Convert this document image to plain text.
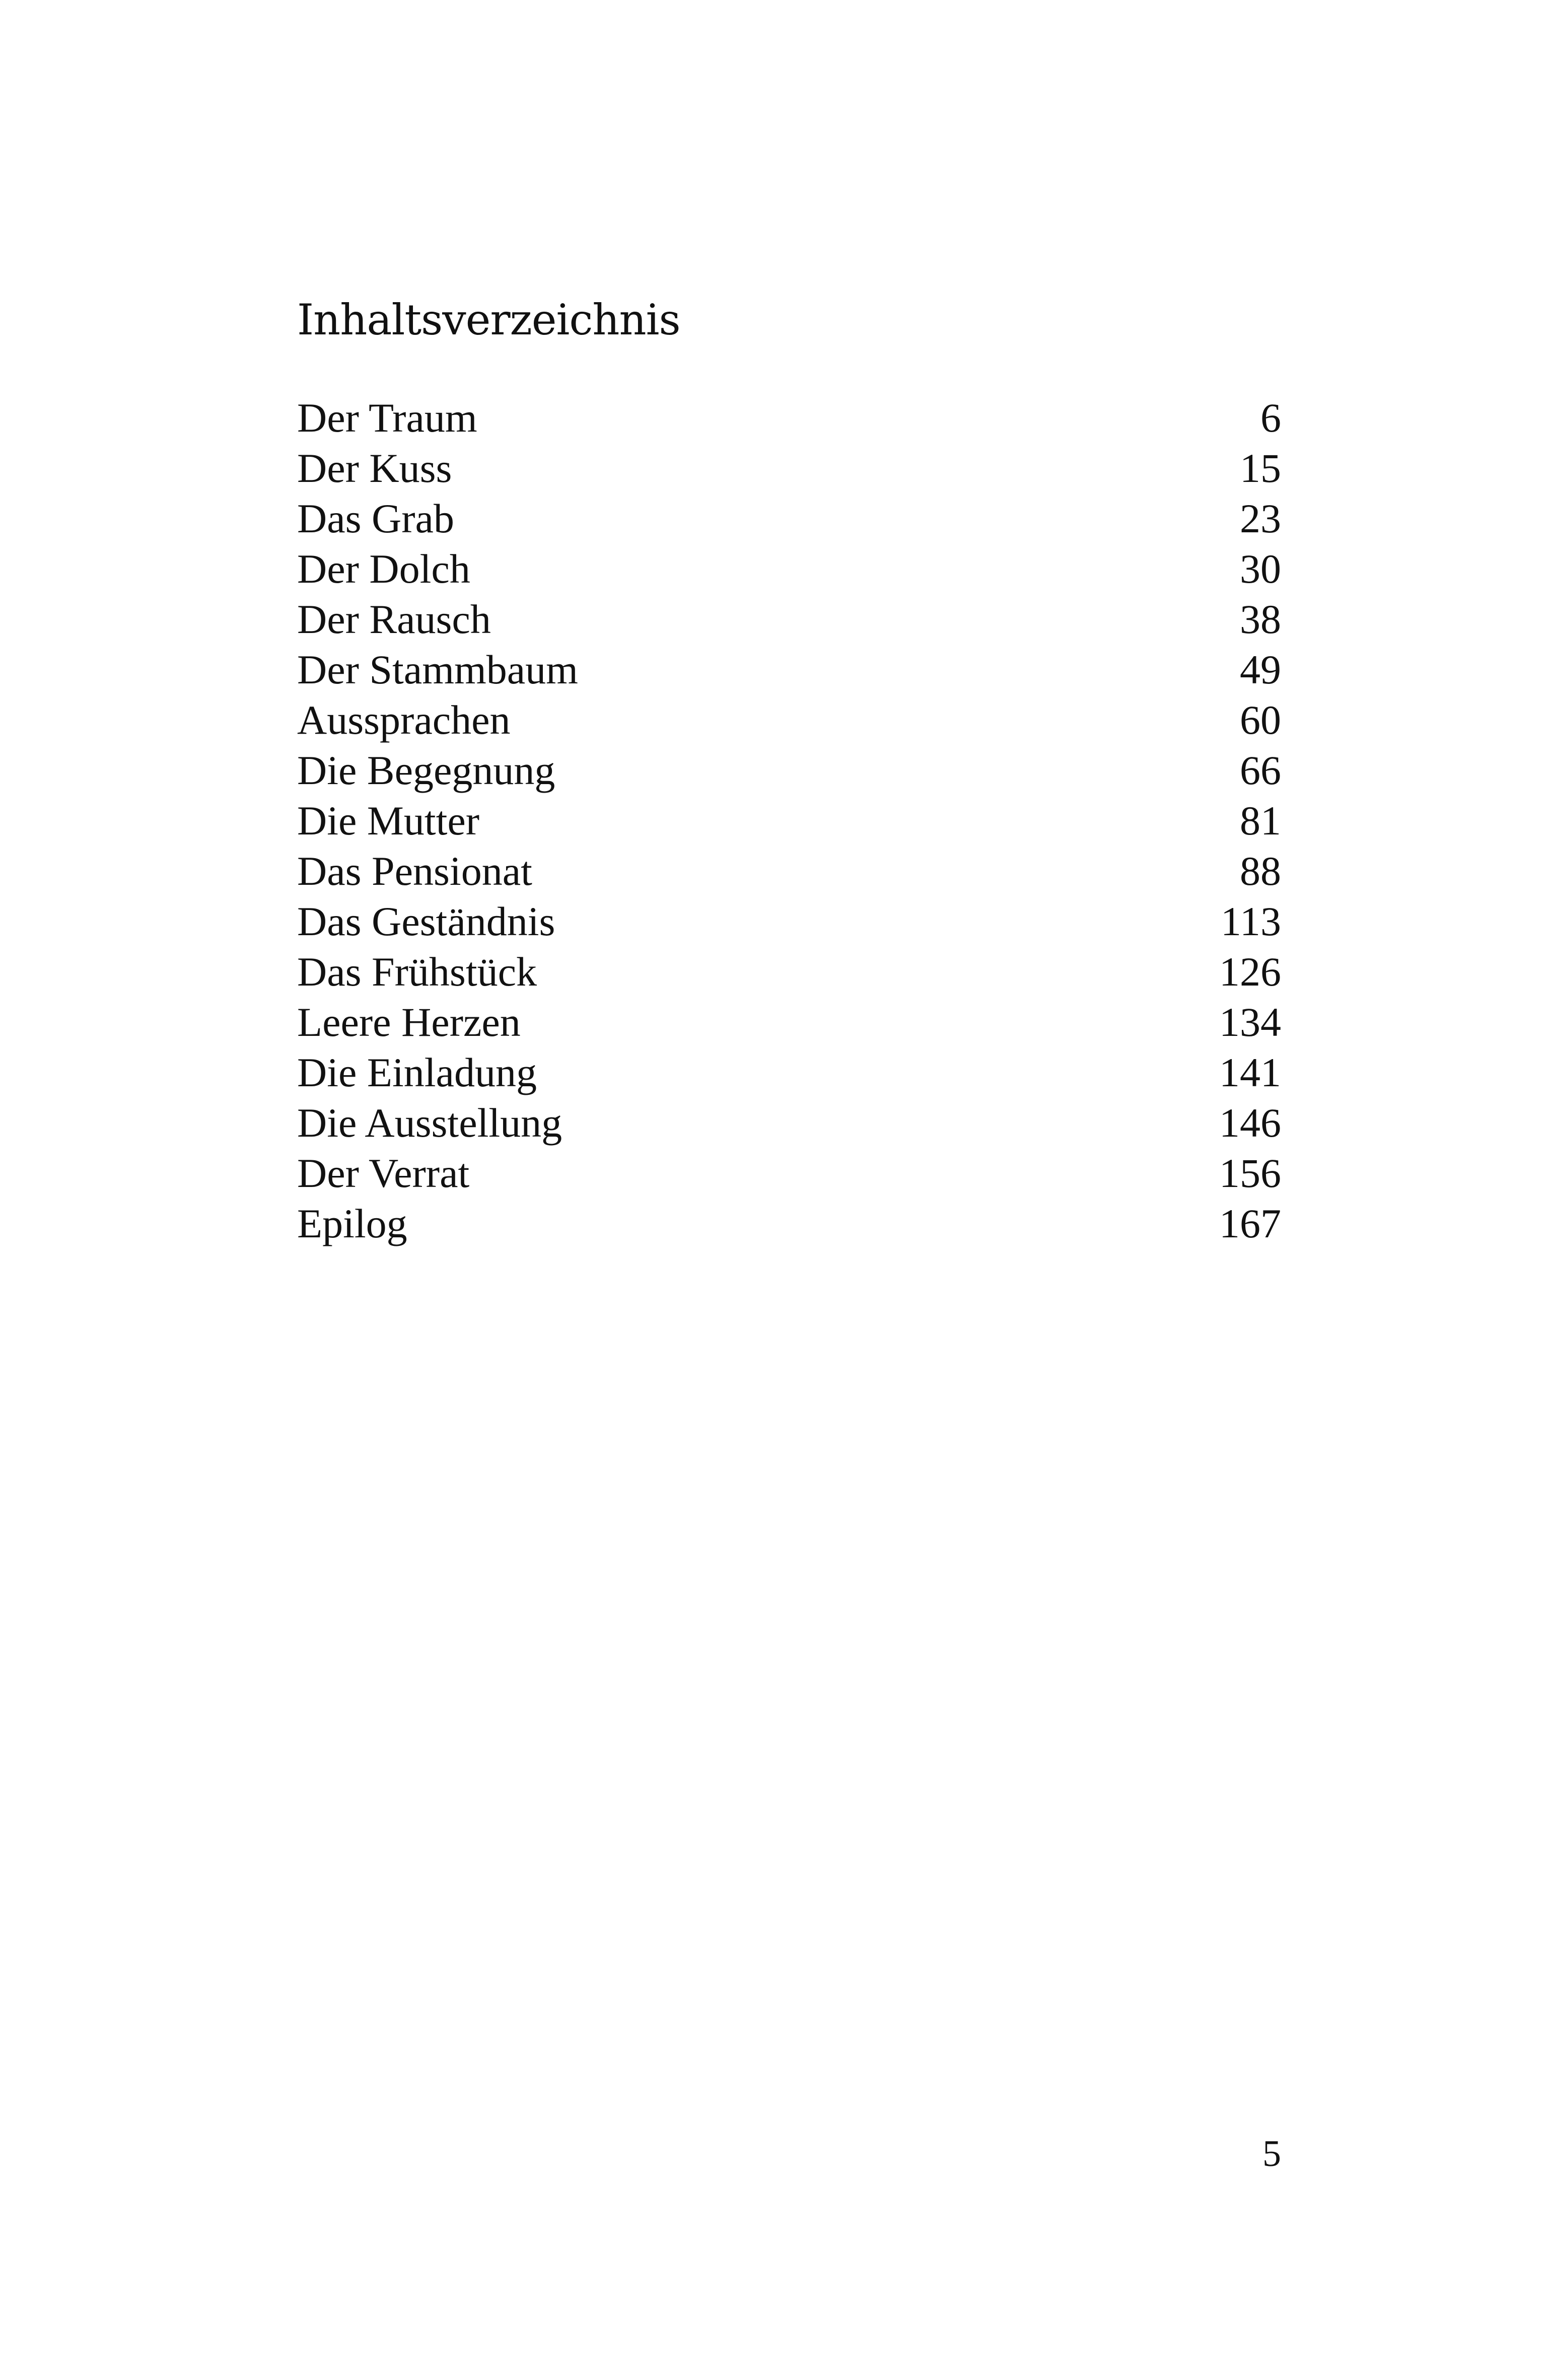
Inhaltsverzeichnis
Der Traum	6
Der Kuss	15
Das Grab	23
Der Dolch	30
Der Rausch	38
Der Stammbaum	49
Aussprachen	60
Die Begegnung	66
Die Mutter	81
Das Pensionat	88
Das Geständnis	113
Das Frühstück	126
Leere Herzen	134
Die Einladung	141
Die Ausstellung	146
Der Verrat	156
Epilog	167
5
